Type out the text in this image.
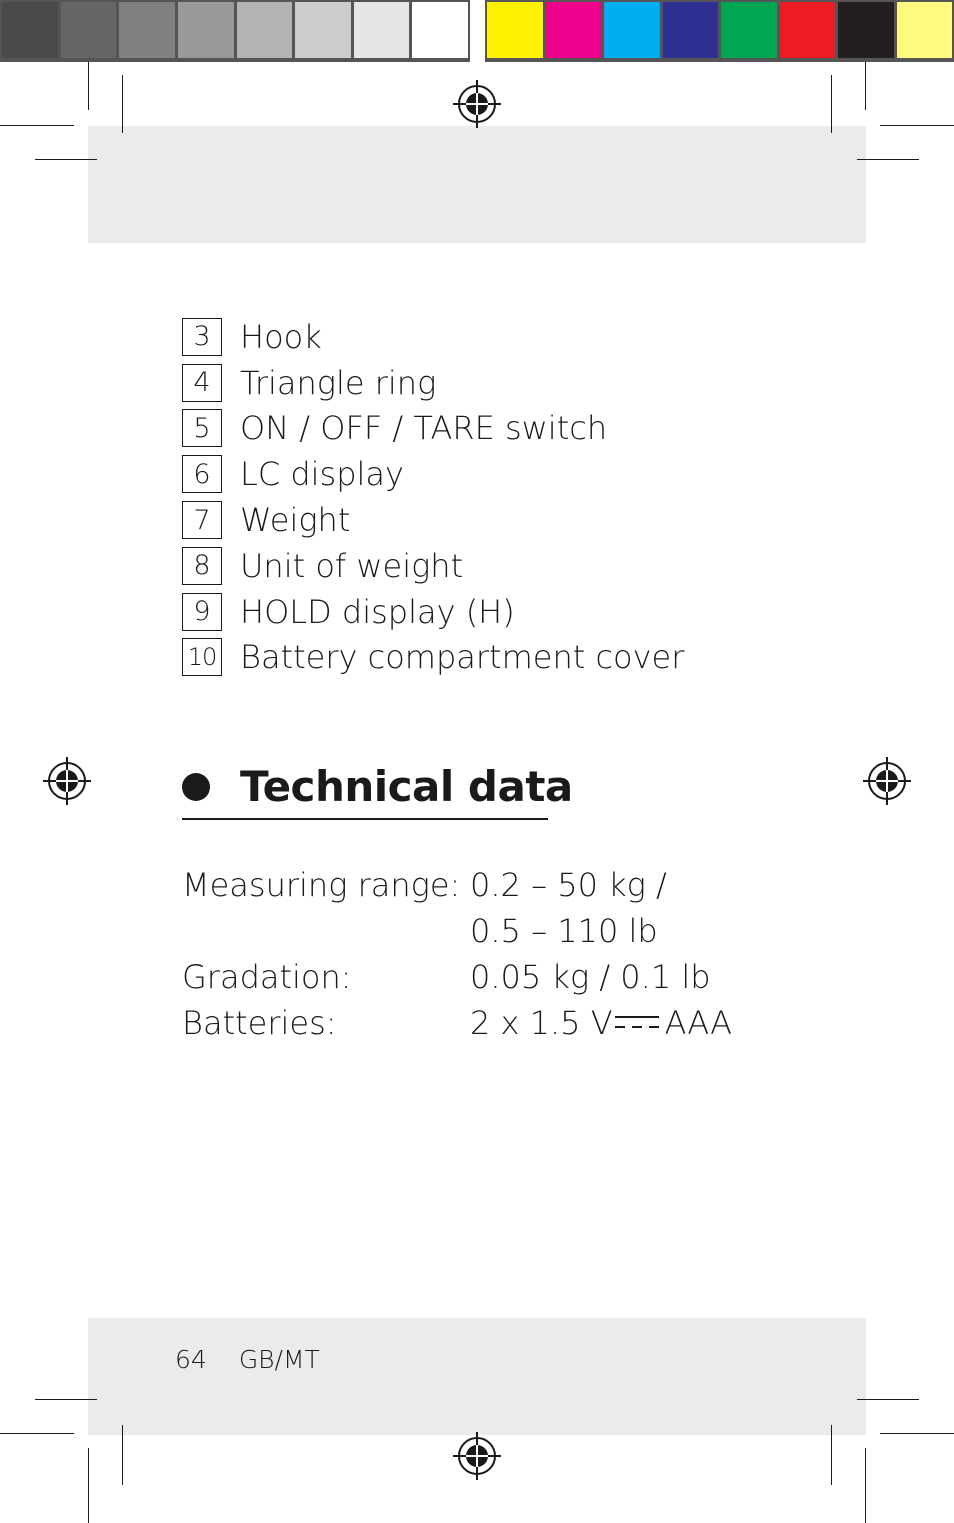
3 Hook
4 Triangle ring
5 ON / OFF / TARE switch
6 LC display
7 Weight
8 Unit of weight
9 HOLD display (H)
10 Battery compartment cover
Technical data
Measuring range: 0.2 – 50 kg /
0.5 – 110 lb
Gradation:	0.05 kg / 0.1 lb
Batteries:	2 x 1.5 V AAA
64 GB/MT
